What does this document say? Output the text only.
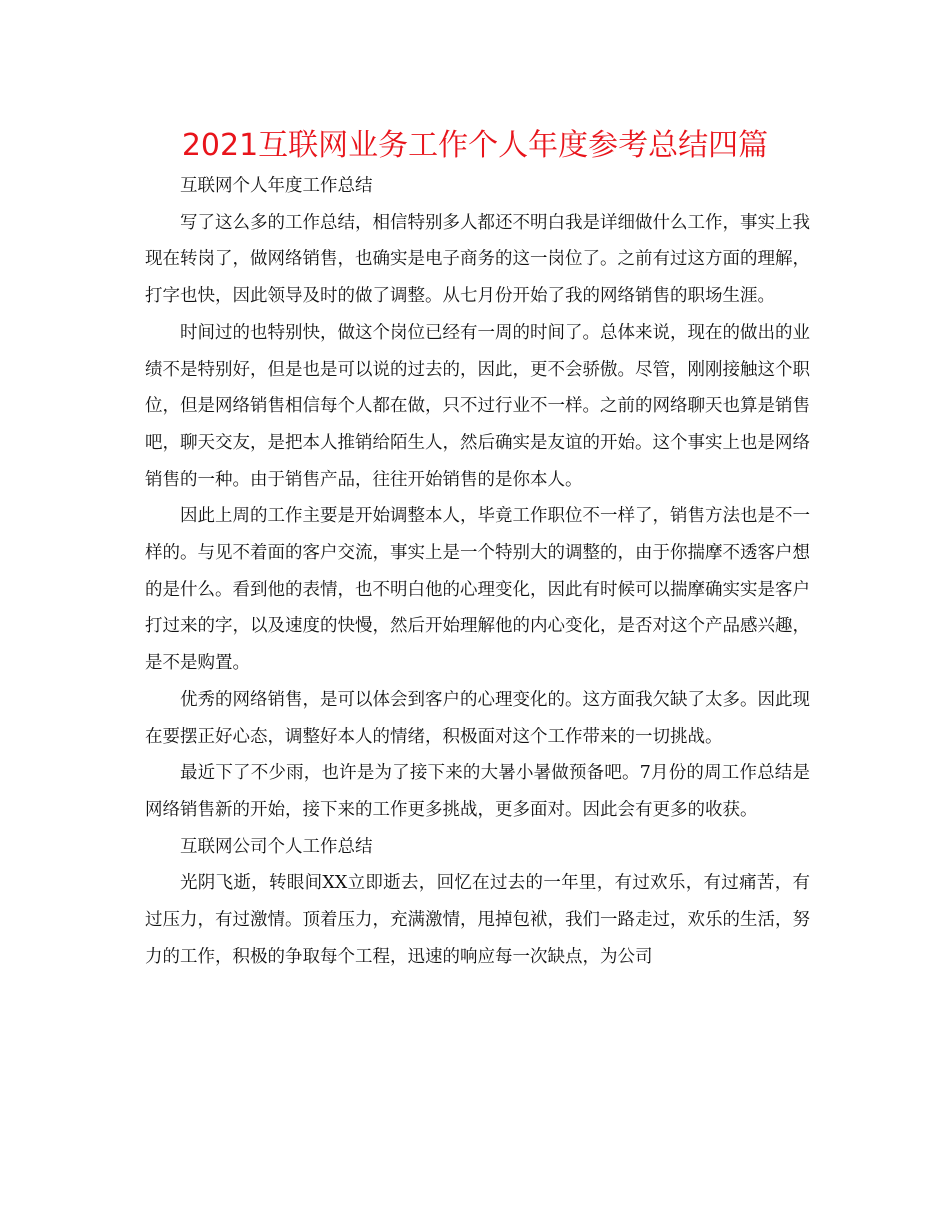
2021互联网业务工作个人年度参考总结四篇

互联网个人年度工作总结

写了这么多的工作总结，相信特别多人都还不明白我是详细做什么工作，事实上我现在转岗了，做网络销售，也确实是电子商务的这一岗位了。之前有过这方面的理解，打字也快，因此领导及时的做了调整。从七月份开始了我的网络销售的职场生涯。

时间过的也特别快，做这个岗位已经有一周的时间了。总体来说，现在的做出的业绩不是特别好，但是也是可以说的过去的，因此，更不会骄傲。尽管，刚刚接触这个职位，但是网络销售相信每个人都在做，只不过行业不一样。之前的网络聊天也算是销售吧，聊天交友，是把本人推销给陌生人，然后确实是友谊的开始。这个事实上也是网络销售的一种。由于销售产品，往往开始销售的是你本人。

因此上周的工作主要是开始调整本人，毕竟工作职位不一样了，销售方法也是不一样的。与见不着面的客户交流，事实上是一个特别大的调整的，由于你揣摩不透客户想的是什么。看到他的表情，也不明白他的心理变化，因此有时候可以揣摩确实实是客户打过来的字，以及速度的快慢，然后开始理解他的内心变化，是否对这个产品感兴趣，是不是购置。

优秀的网络销售，是可以体会到客户的心理变化的。这方面我欠缺了太多。因此现在要摆正好心态，调整好本人的情绪，积极面对这个工作带来的一切挑战。

最近下了不少雨，也许是为了接下来的大暑小暑做预备吧。7月份的周工作总结是网络销售新的开始，接下来的工作更多挑战，更多面对。因此会有更多的收获。

互联网公司个人工作总结

光阴飞逝，转眼间XX立即逝去，回忆在过去的一年里，有过欢乐，有过痛苦，有过压力，有过激情。顶着压力，充满激情，甩掉包袱，我们一路走过，欢乐的生活，努力的工作，积极的争取每个工程，迅速的响应每一次缺点，为公司
